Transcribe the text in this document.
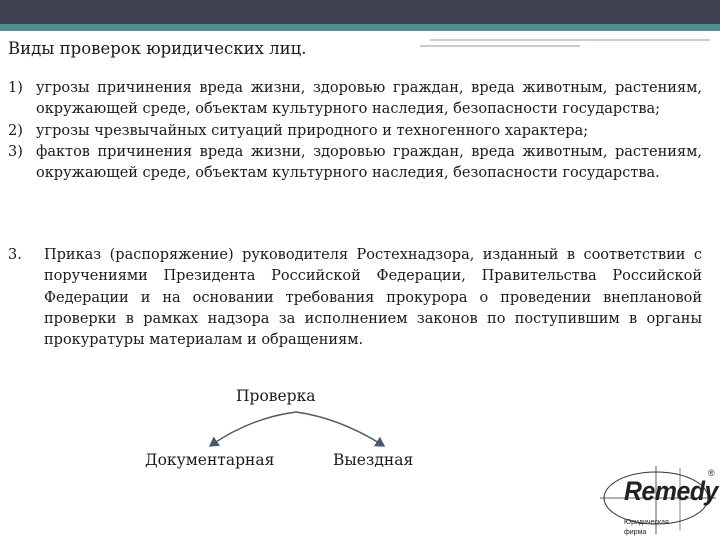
Виды проверок юридических лиц.
1) угрозы причинения вреда жизни, здоровью граждан, вреда животным, растениям, окружающей среде, объектам культурного наследия, безопасности государства;
2) угрозы чрезвычайных ситуаций природного и техногенного характера;
3) фактов причинения вреда жизни, здоровью граждан, вреда животным, растениям, окружающей среде, объектам культурного наследия, безопасности государства.
3. Приказ (распоряжение) руководителя Ростехнадзора, изданный в соответствии с поручениями Президента Российской Федерации, Правительства Российской Федерации и на основании требования прокурора о проведении внеплановой проверки в рамках надзора за исполнением законов по поступившим в органы прокуратуры материалам и обращениям.
Проверка
Документарная	Выездная
Remedy
®
Юридическая фирма
